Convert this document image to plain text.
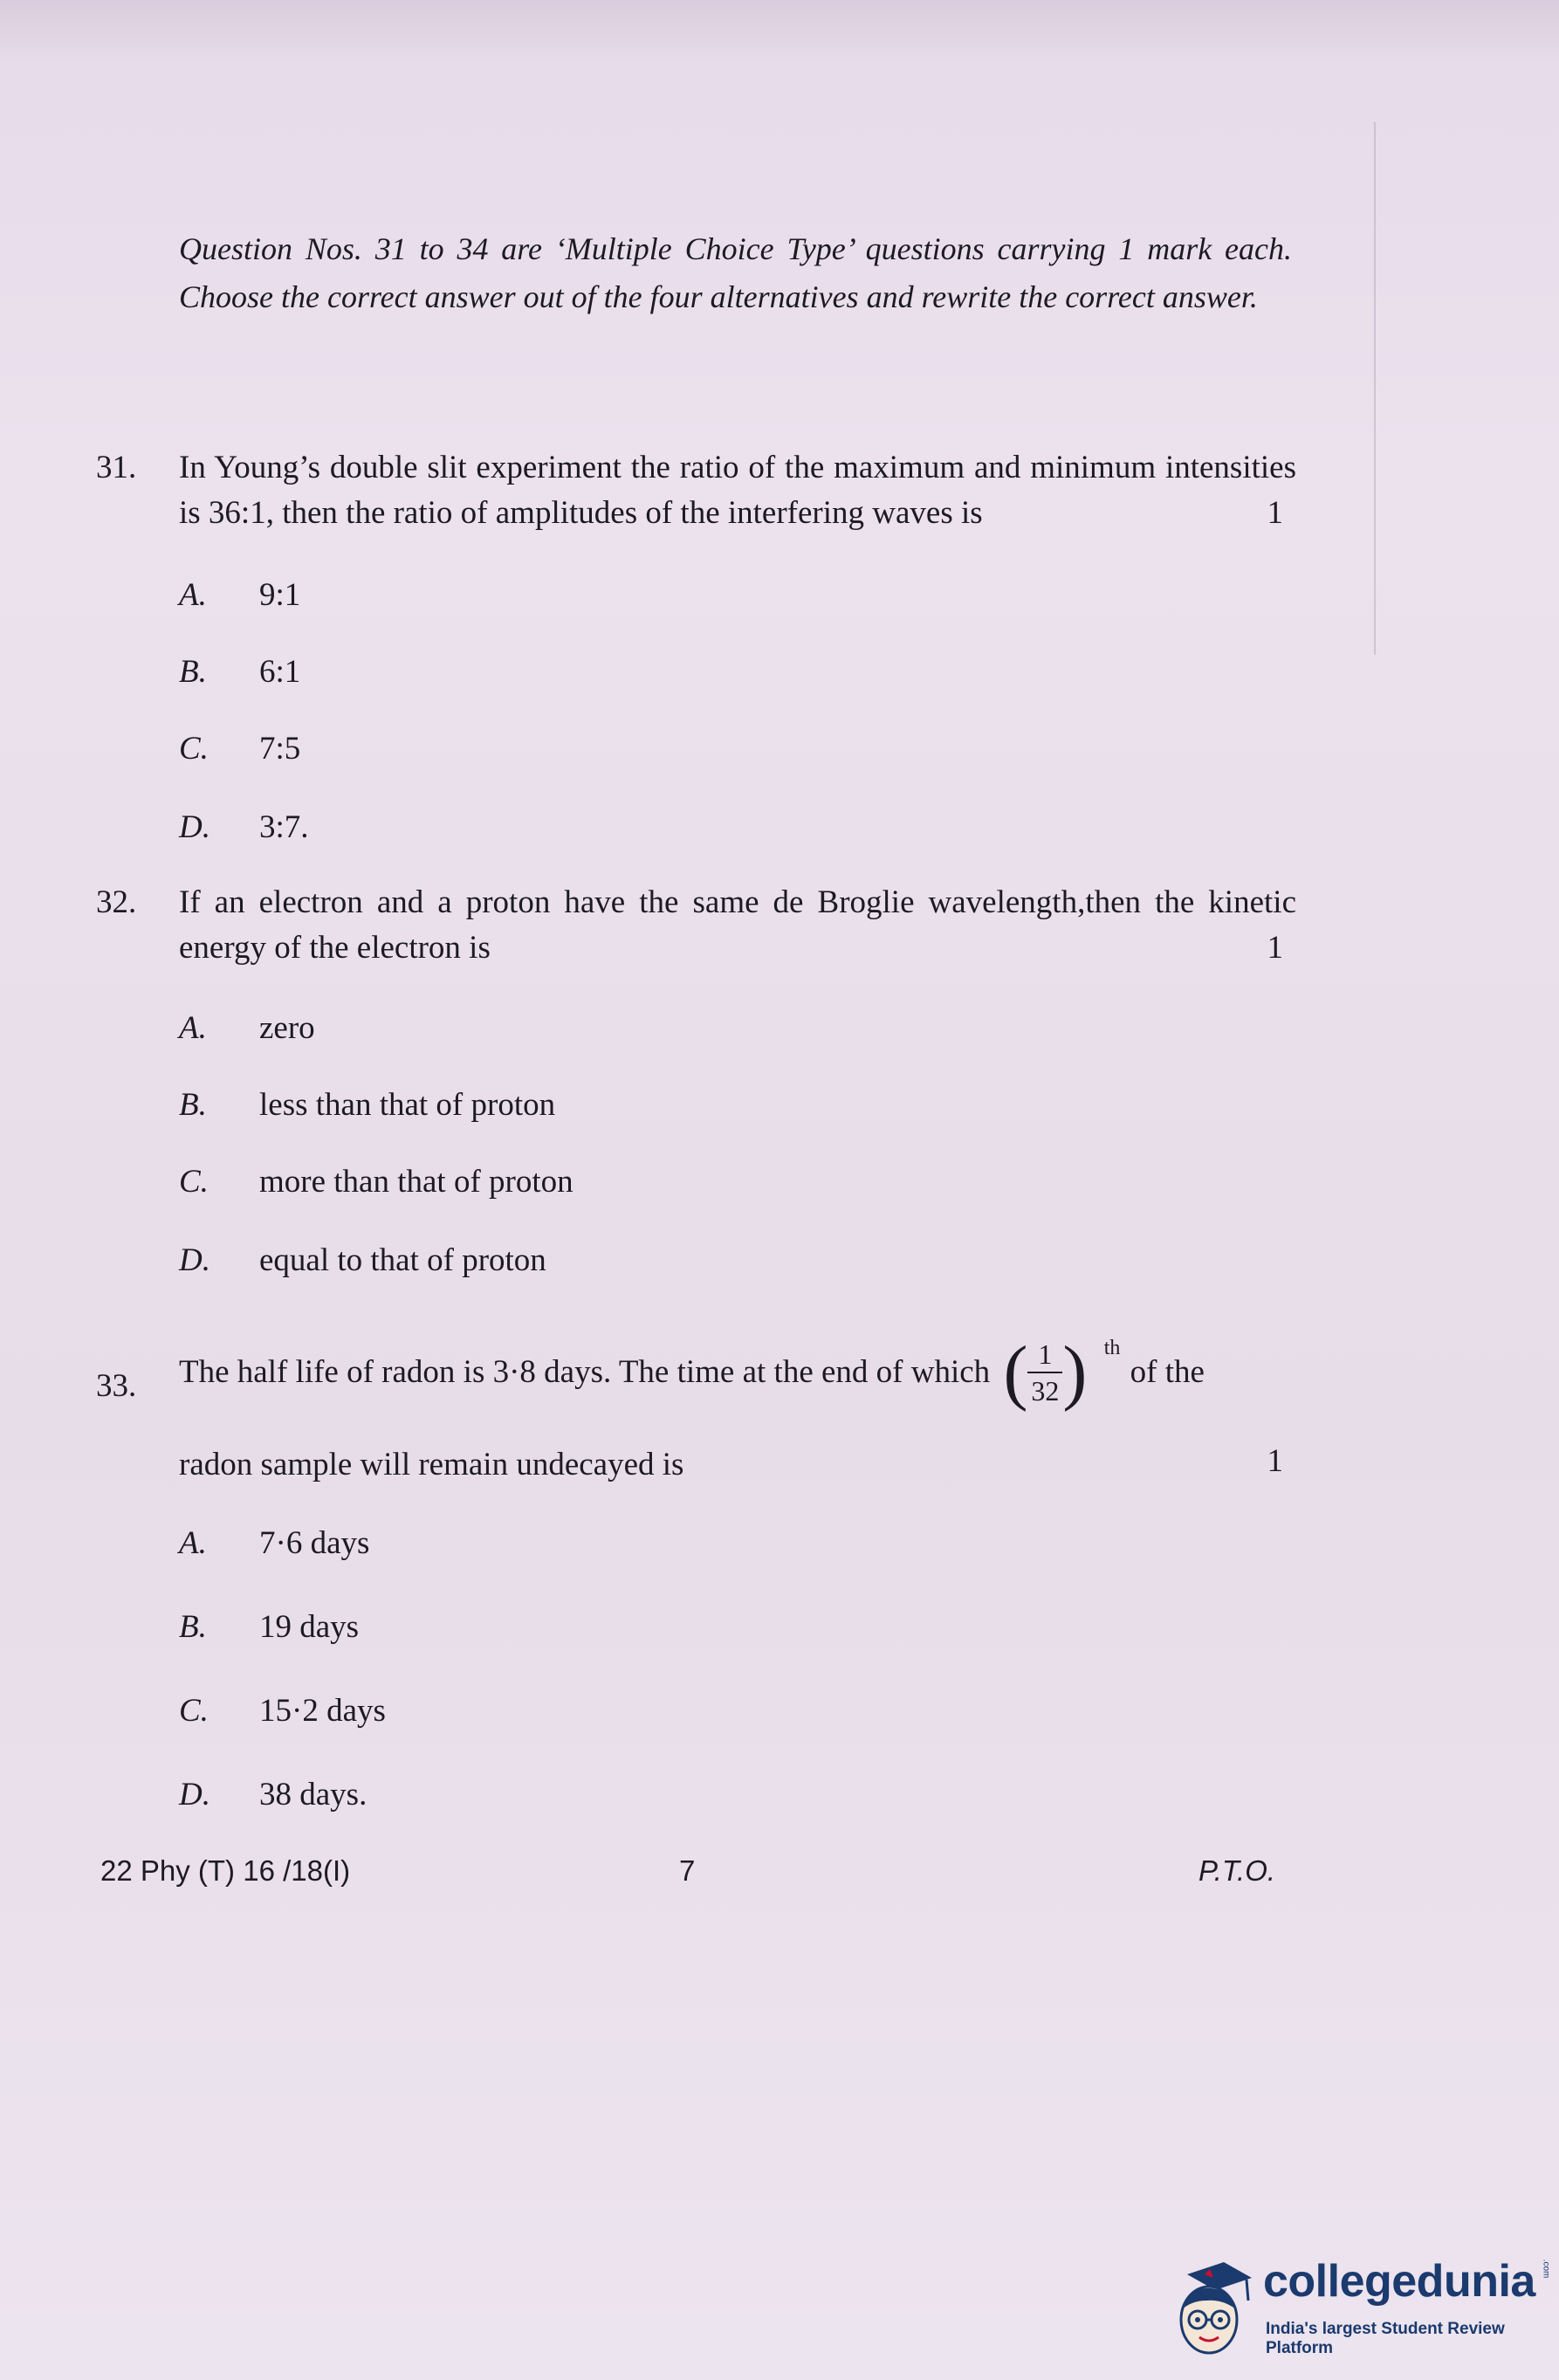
Question Nos. 31 to 34 are ‘Multiple Choice Type’ questions carrying 1 mark each. Choose the correct answer out of the four alternatives and rewrite the correct answer.
31.	In Young’s double slit experiment the ratio of the maximum and minimum intensities is 36:1, then the ratio of amplitudes of the interfering waves is	1
A. 9:1
B. 6:1
C. 7:5
D. 3:7.
32.	If an electron and a proton have the same de Broglie wavelength,then the kinetic energy of the electron is	1
A. zero
B. less than that of proton
C. more than that of proton
D. equal to that of proton
33.	The half life of radon is 3·8 days. The time at the end of which ( $\frac{1}{32}$ ) th
of the
radon sample will remain undecayed is	1
A. 7·6 days
B. 19 days
C. 15·2 days
D. 38 days.
22 Phy (T) 16 /18(I)	7	P.T.O.
collegedunia .com
India's largest Student Review Platform
